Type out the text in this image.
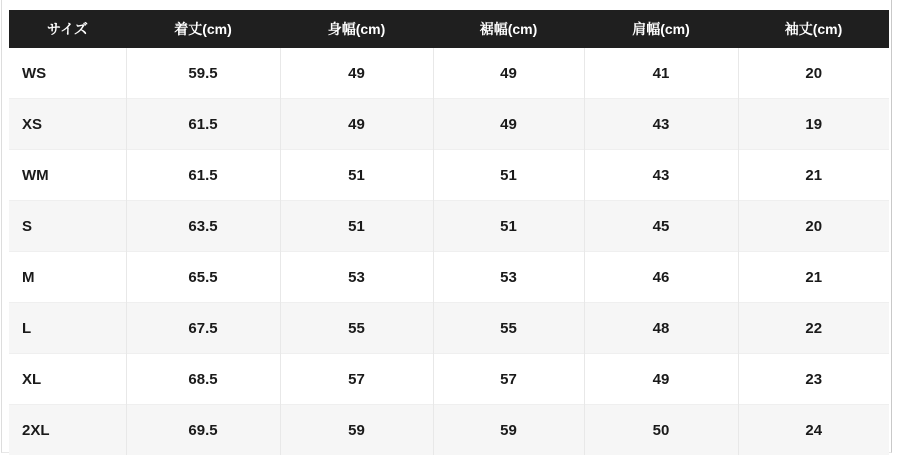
サイズ	着丈(cm)	身幅(cm)	裾幅(cm)	肩幅(cm)	袖丈(cm)
WS	59.5	49	49	41	20
XS	61.5	49	49	43	19
WM	61.5	51	51	43	21
S	63.5	51	51	45	20
M	65.5	53	53	46	21
L	67.5	55	55	48	22
XL	68.5	57	57	49	23
2XL	69.5	59	59	50	24
